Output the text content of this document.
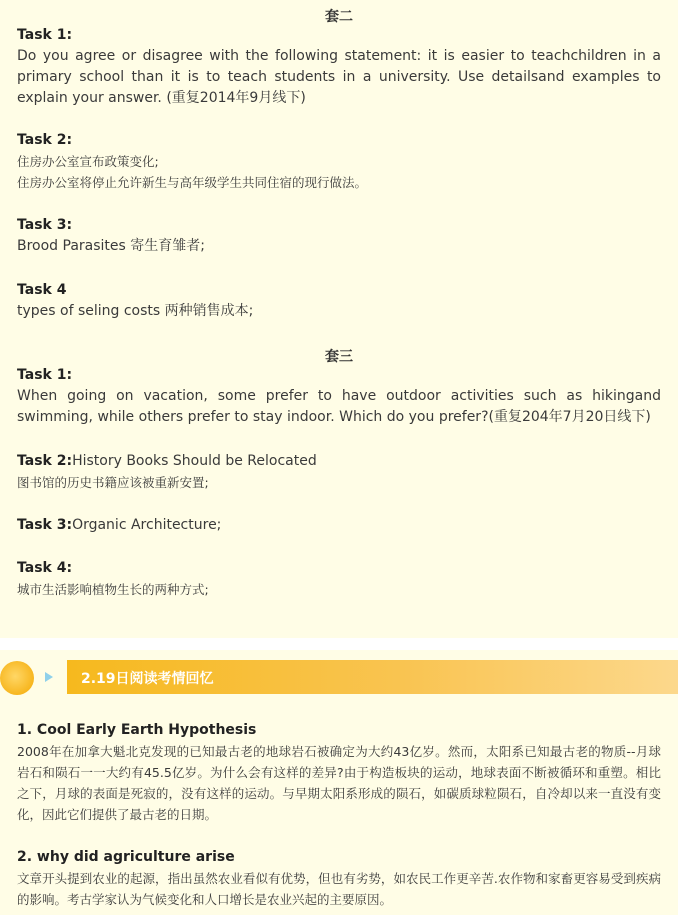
套二
Task 1:
Do you agree or disagree with the following statement: it is easier to teachchildren in a primary school than it is to teach students in a university. Use detailsand examples to explain your answer. (重复2014年9月线下)
Task 2:
住房办公室宣布政策变化;
住房办公室将停止允许新生与高年级学生共同住宿的现行做法。
Task 3:
Brood Parasites 寄生育雏者;
Task 4
types of seling costs 两种销售成本;
套三
Task 1:
When going on vacation, some prefer to have outdoor activities such as hikingand swimming, while others prefer to stay indoor. Which do you prefer?(重复204年7月20日线下)
Task 2:History Books Should be Relocated
图书馆的历史书籍应该被重新安置;
Task 3:Organic Architecture;
Task 4:
城市生活影响植物生长的两种方式;
2.19日阅读考情回忆
1. Cool Early Earth Hypothesis
2008年在加拿大魁北克发现的已知最古老的地球岩石被确定为大约43亿岁。然而，太阳系已知最古老的物质--月球岩石和陨石一一大约有45.5亿岁。为什么会有这样的差异?由于构造板块的运动，地球表面不断被循环和重塑。相比之下，月球的表面是死寂的，没有这样的运动。与早期太阳系形成的陨石，如碳质球粒陨石，自冷却以来一直没有变化，因此它们提供了最古老的日期。
2. why did agriculture arise
文章开头提到农业的起源，指出虽然农业看似有优势，但也有劣势，如农民工作更辛苦.农作物和家畜更容易受到疾病的影响。考古学家认为气候变化和人口增长是农业兴起的主要原因。
